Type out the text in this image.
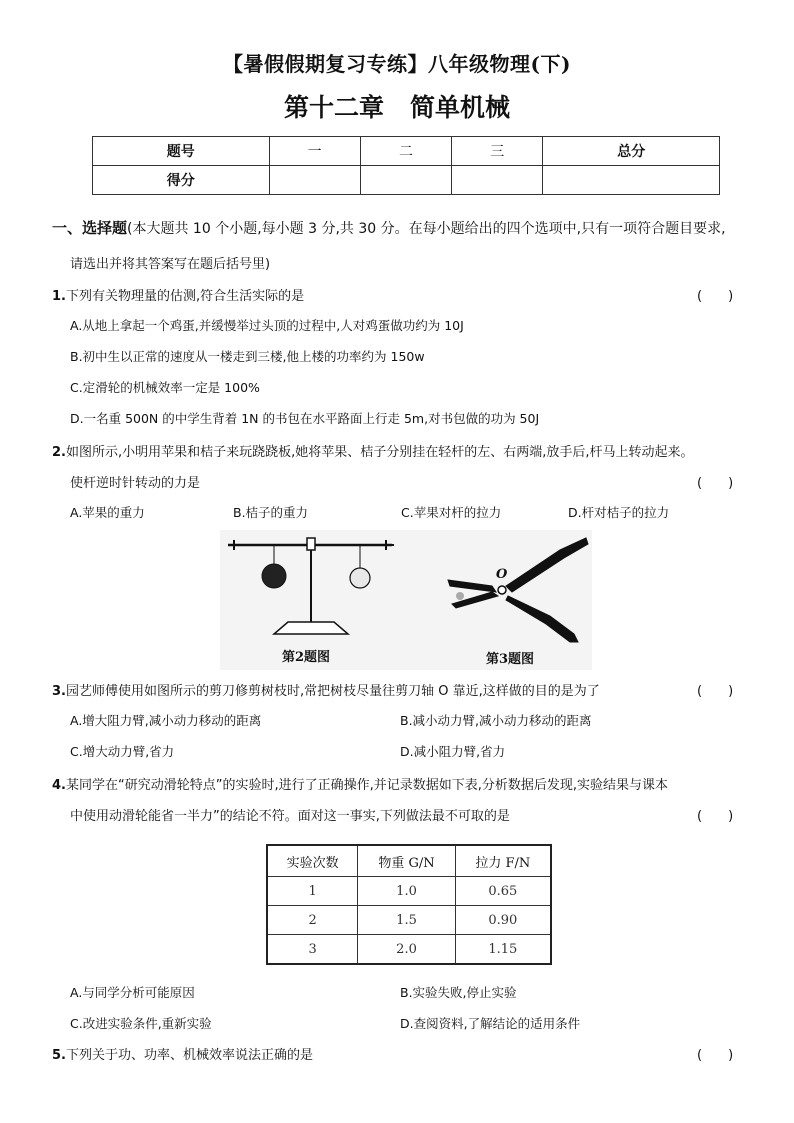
【暑假假期复习专练】八年级物理(下)
第十二章 简单机械
题号	一	二	三	总分
得分				
一、选择题(本大题共 10 个小题,每小题 3 分,共 30 分。在每小题给出的四个选项中,只有一项符合题目要求,
请选出并将其答案写在题后括号里)
1.下列有关物理量的估测,符合生活实际的是	(　　)
A.从地上拿起一个鸡蛋,并缓慢举过头顶的过程中,人对鸡蛋做功约为 10J
B.初中生以正常的速度从一楼走到三楼,他上楼的功率约为 150w
C.定滑轮的机械效率一定是 100%
D.一名重 500N 的中学生背着 1N 的书包在水平路面上行走 5m,对书包做的功为 50J
2.如图所示,小明用苹果和桔子来玩跷跷板,她将苹果、桔子分别挂在轻杆的左、右两端,放手后,杆马上转动起来。
使杆逆时针转动的力是	(　　)
A.苹果的重力	B.桔子的重力	C.苹果对杆的拉力	D.杆对桔子的拉力
O
第2题图	第3题图
3.园艺师傅使用如图所示的剪刀修剪树枝时,常把树枝尽量往剪刀轴 O 靠近,这样做的目的是为了	(　　)
A.增大阻力臂,减小动力移动的距离	B.减小动力臂,减小动力移动的距离
C.增大动力臂,省力	D.减小阻力臂,省力
4.某同学在“研究动滑轮特点”的实验时,进行了正确操作,并记录数据如下表,分析数据后发现,实验结果与课本
中使用动滑轮能省一半力”的结论不符。面对这一事实,下列做法最不可取的是	(　　)
实验次数	物重 G/N	拉力 F/N
1	1.0	0.65
2	1.5	0.90
3	2.0	1.15
A.与同学分析可能原因	B.实验失败,停止实验
C.改进实验条件,重新实验	D.查阅资料,了解结论的适用条件
5.下列关于功、功率、机械效率说法正确的是	(　　)
